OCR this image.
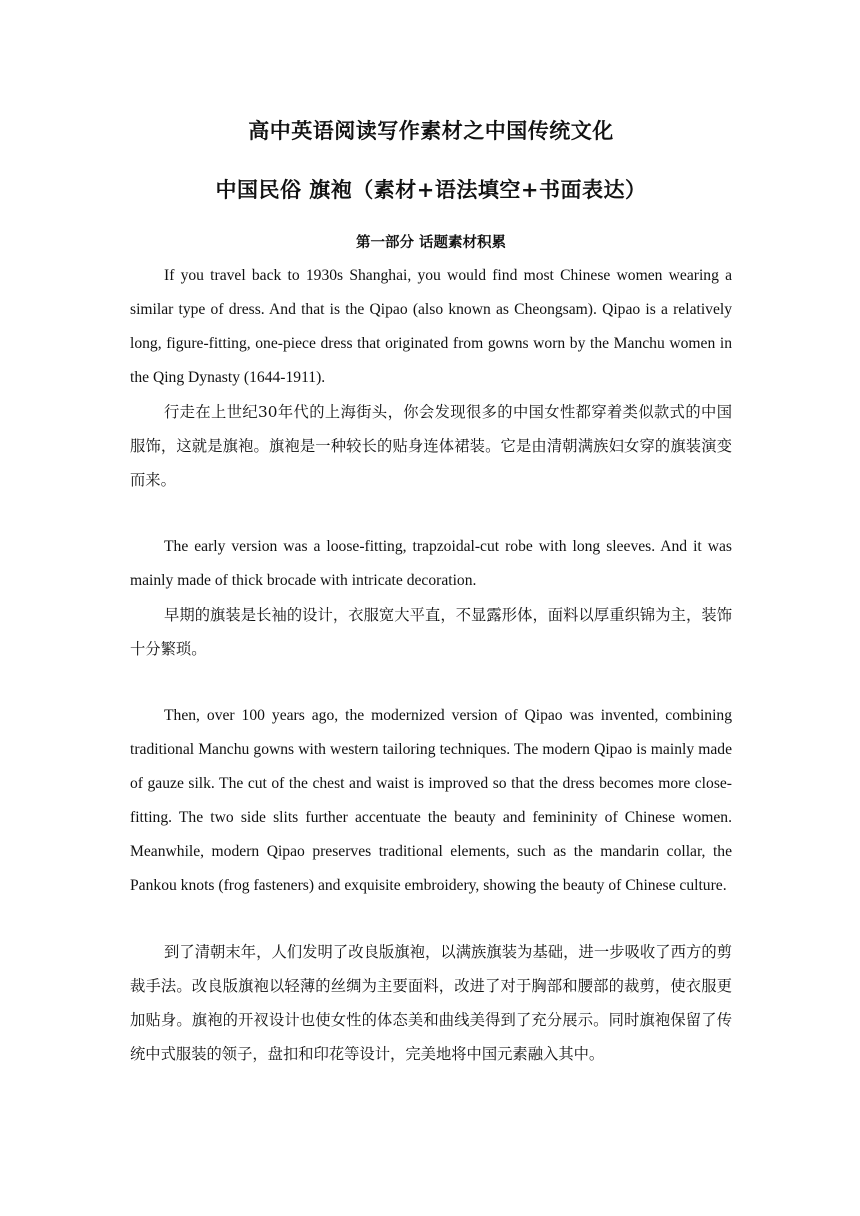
高中英语阅读写作素材之中国传统文化
中国民俗 旗袍（素材+语法填空+书面表达）
第一部分 话题素材积累

If you travel back to 1930s Shanghai, you would find most Chinese women wearing a similar type of dress. And that is the Qipao (also known as Cheongsam). Qipao is a relatively long, figure-fitting, one-piece dress that originated from gowns worn by the Manchu women in the Qing Dynasty (1644-1911).

行走在上世纪30年代的上海街头，你会发现很多的中国女性都穿着类似款式的中国服饰，这就是旗袍。旗袍是一种较长的贴身连体裙装。它是由清朝满族妇女穿的旗装演变而来。

The early version was a loose-fitting, trapzoidal-cut robe with long sleeves. And it was mainly made of thick brocade with intricate decoration.

早期的旗装是长袖的设计，衣服宽大平直，不显露形体，面料以厚重织锦为主，装饰十分繁琐。

Then, over 100 years ago, the modernized version of Qipao was invented, combining traditional Manchu gowns with western tailoring techniques. The modern Qipao is mainly made of gauze silk. The cut of the chest and waist is improved so that the dress becomes more close-fitting. The two side slits further accentuate the beauty and femininity of Chinese women. Meanwhile, modern Qipao preserves traditional elements, such as the mandarin collar, the Pankou knots (frog fasteners) and exquisite embroidery, showing the beauty of Chinese culture.

到了清朝末年，人们发明了改良版旗袍，以满族旗装为基础，进一步吸收了西方的剪裁手法。改良版旗袍以轻薄的丝绸为主要面料，改进了对于胸部和腰部的裁剪，使衣服更加贴身。旗袍的开衩设计也使女性的体态美和曲线美得到了充分展示。同时旗袍保留了传统中式服装的领子，盘扣和印花等设计，完美地将中国元素融入其中。
